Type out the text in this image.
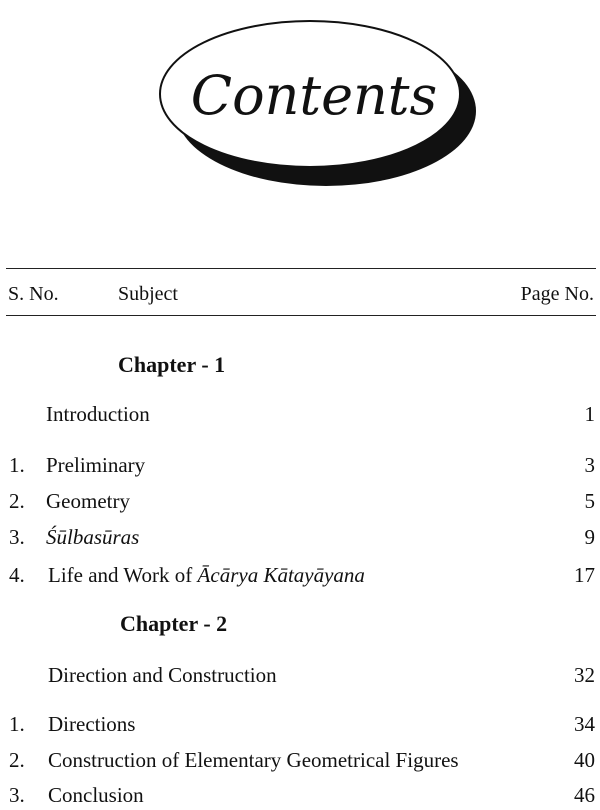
Contents
S. No.	Subject	Page No.
Chapter - 1
Introduction	1
1. Preliminary	3
2. Geometry	5
3. Śūlbasūras	9
4. Life and Work of Ācārya Kātayāyana	17
Chapter - 2
Direction and Construction	32
1. Directions	34
2. Construction of Elementary Geometrical Figures	40
3. Conclusion	46
